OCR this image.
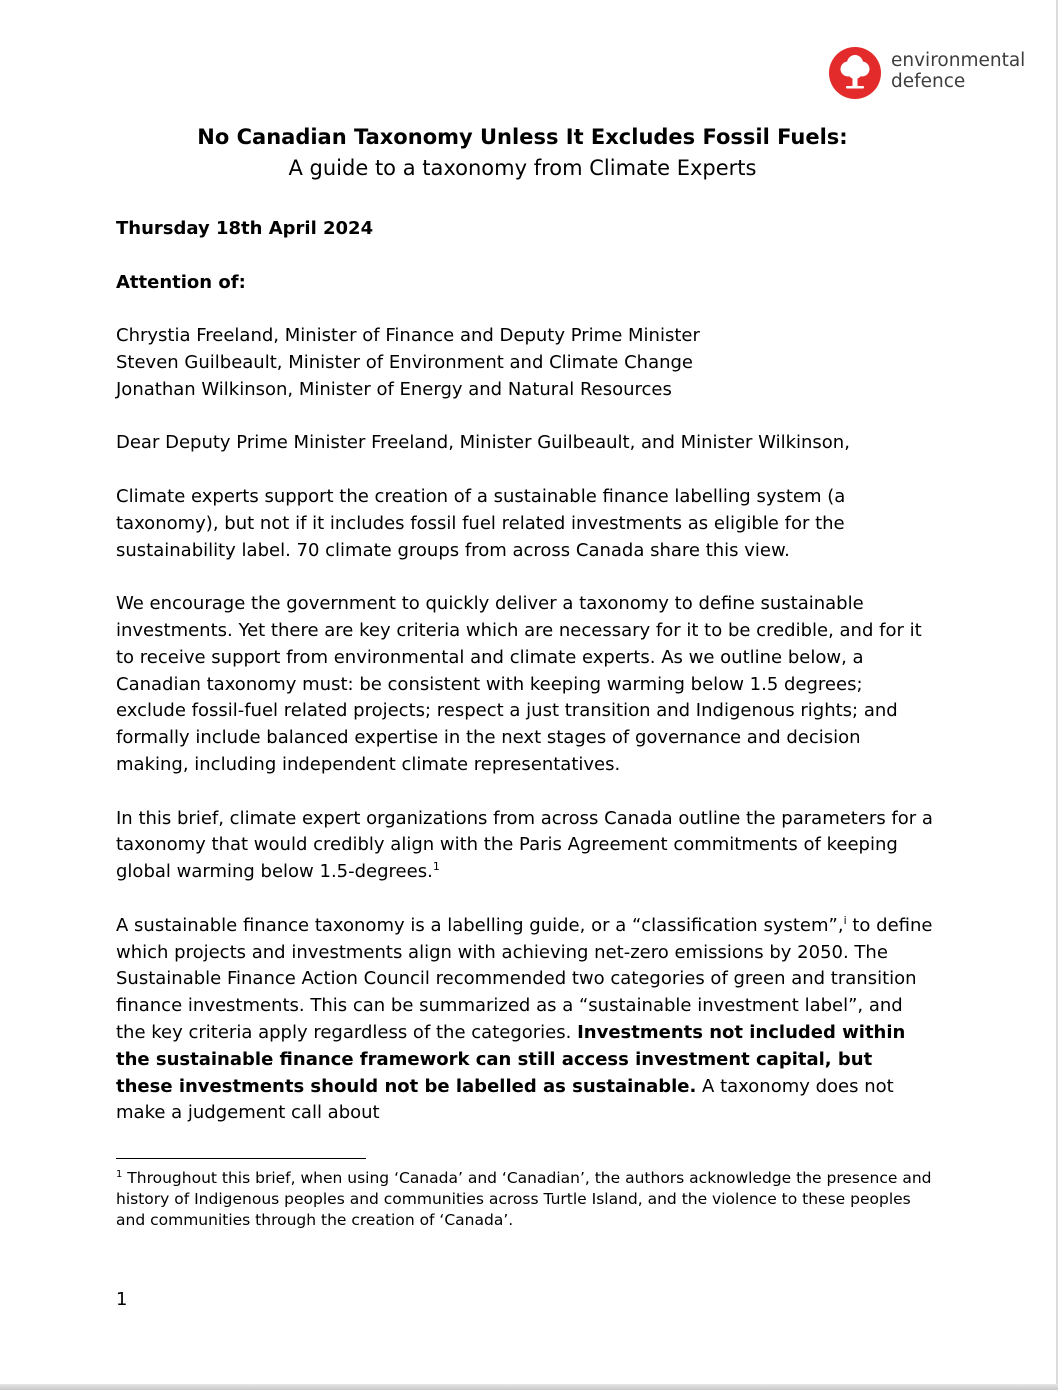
environmental
defence
No Canadian Taxonomy Unless It Excludes Fossil Fuels:
A guide to a taxonomy from Climate Experts

Thursday 18th April 2024

Attention of:

Chrystia Freeland, Minister of Finance and Deputy Prime Minister
Steven Guilbeault, Minister of Environment and Climate Change
Jonathan Wilkinson, Minister of Energy and Natural Resources

Dear Deputy Prime Minister Freeland, Minister Guilbeault, and Minister Wilkinson,

Climate experts support the creation of a sustainable finance labelling system (a taxonomy), but not if it includes fossil fuel related investments as eligible for the sustainability label. 70 climate groups from across Canada share this view.

We encourage the government to quickly deliver a taxonomy to define sustainable investments. Yet there are key criteria which are necessary for it to be credible, and for it to receive support from environmental and climate experts. As we outline below, a Canadian taxonomy must: be consistent with keeping warming below 1.5 degrees; exclude fossil-fuel related projects; respect a just transition and Indigenous rights; and formally include balanced expertise in the next stages of governance and decision making, including independent climate representatives.

In this brief, climate expert organizations from across Canada outline the parameters for a taxonomy that would credibly align with the Paris Agreement commitments of keeping global warming below 1.5-degrees.$^1$

A sustainable finance taxonomy is a labelling guide, or a “classification system”,$^i$ to define which projects and investments align with achieving net-zero emissions by 2050. The Sustainable Finance Action Council recommended two categories of green and transition finance investments. This can be summarized as a “sustainable investment label”, and the key criteria apply regardless of the categories. Investments not included within the sustainable finance framework can still access investment capital, but these investments should not be labelled as sustainable. A taxonomy does not make a judgement call about

$^1$ Throughout this brief, when using ‘Canada’ and ‘Canadian’, the authors acknowledge the presence and history of Indigenous peoples and communities across Turtle Island, and the violence to these peoples and communities through the creation of ‘Canada’.
1
